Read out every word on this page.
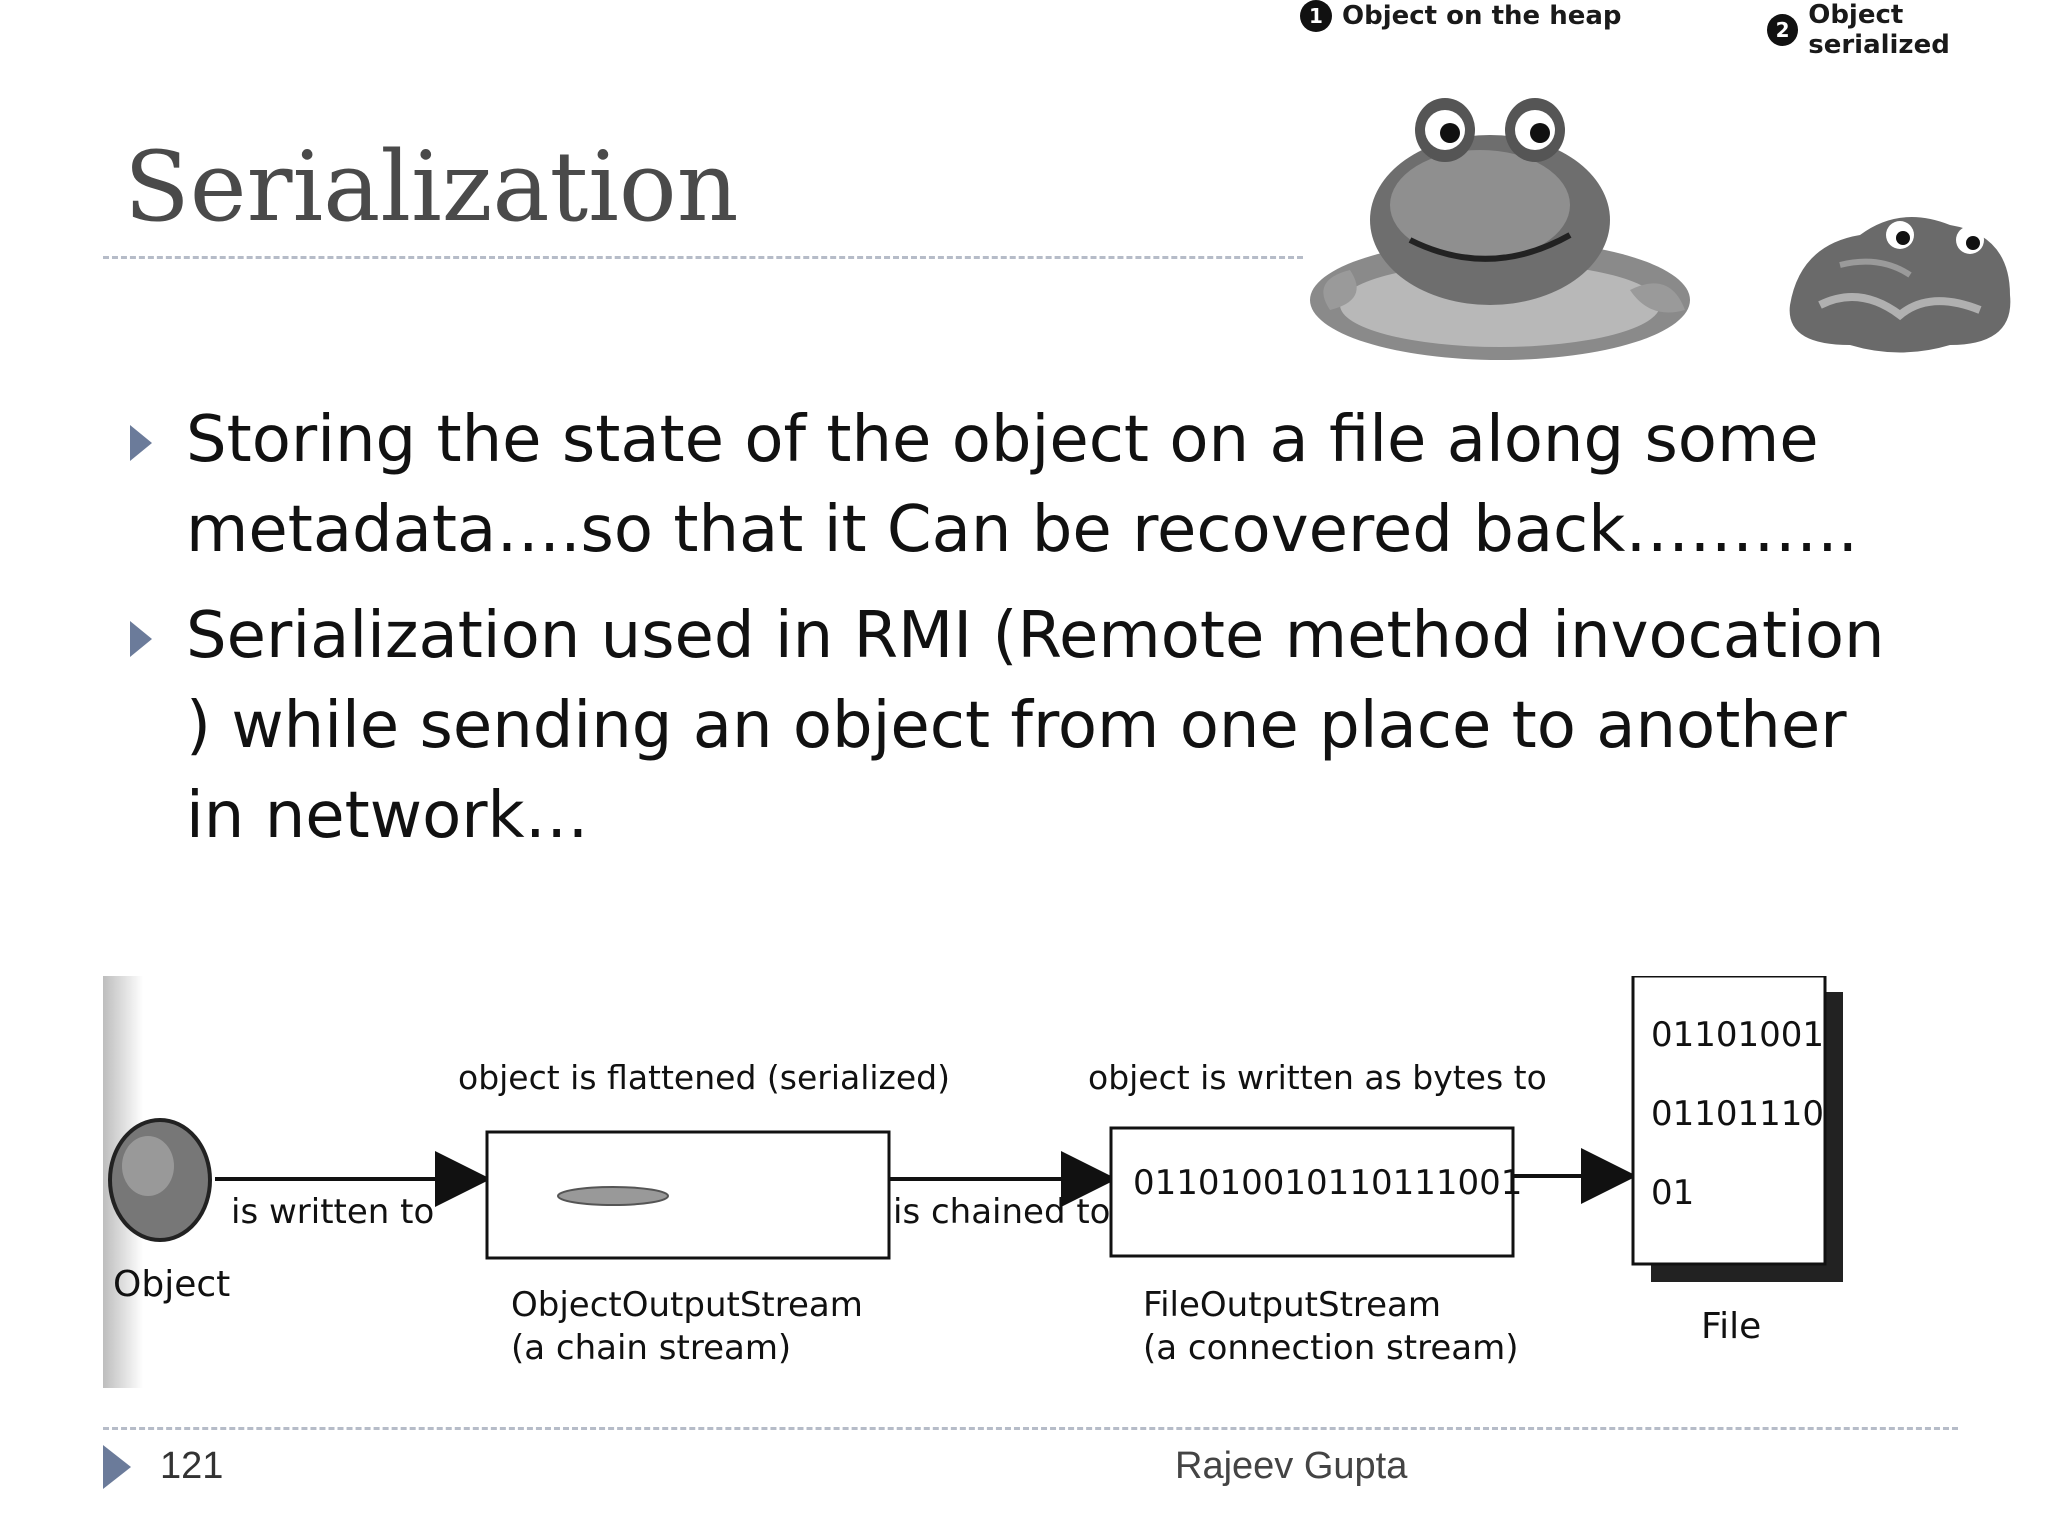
1 Object on the heap	2 Object serialized
Serialization
Storing the state of the object on a file along some metadata….so that it Can be recovered back………..
Serialization used in RMI (Remote method invocation ) while sending an object from one place to another in network…
Object
is written to
object is flattened (serialized)
ObjectOutputStream
(a chain stream)
is chained to
object is written as bytes to
011010010110111001
FileOutputStream
(a connection stream)
01101001
01101110
01
File
121	Rajeev Gupta
